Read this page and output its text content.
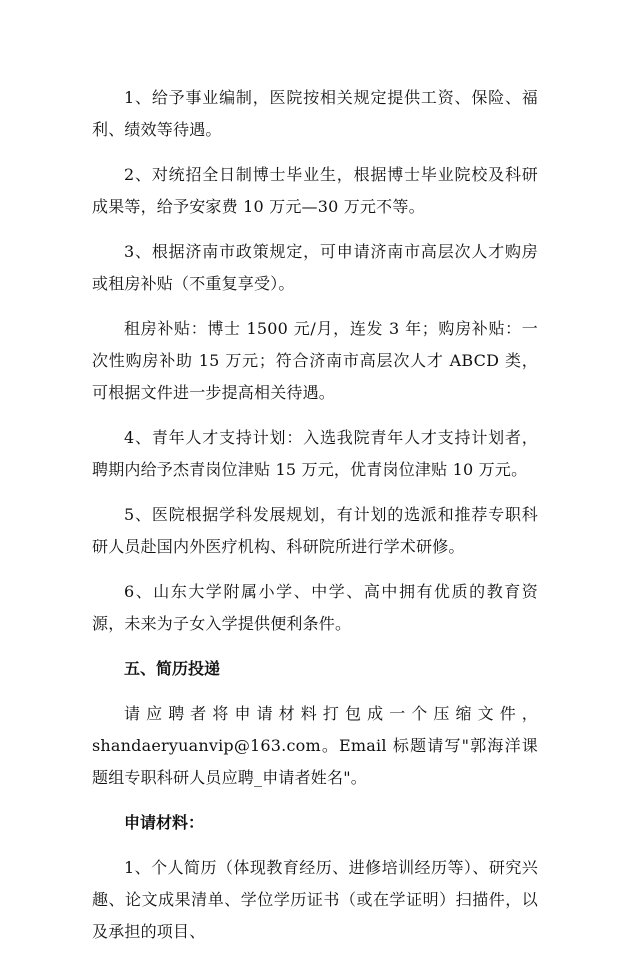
1、给予事业编制，医院按相关规定提供工资、保险、福利、绩效等待遇。

2、对统招全日制博士毕业生，根据博士毕业院校及科研成果等，给予安家费 10 万元—30 万元不等。

3、根据济南市政策规定，可申请济南市高层次人才购房或租房补贴（不重复享受）。

租房补贴：博士 1500 元/月，连发 3 年；购房补贴：一次性购房补助 15 万元；符合济南市高层次人才 ABCD 类，可根据文件进一步提高相关待遇。

4、青年人才支持计划：入选我院青年人才支持计划者，聘期内给予杰青岗位津贴 15 万元，优青岗位津贴 10 万元。

5、医院根据学科发展规划，有计划的选派和推荐专职科研人员赴国内外医疗机构、科研院所进行学术研修。

6、山东大学附属小学、中学、高中拥有优质的教育资源，未来为子女入学提供便利条件。

五、简历投递

请应聘者将申请材料打包成一个压缩文件，
shandaeryuanvip@163.com。Email 标题请写"郭海洋课题组专职科研人员应聘_申请者姓名"。

申请材料：

1、个人简历（体现教育经历、进修培训经历等）、研究兴趣、论文成果清单、学位学历证书（或在学证明）扫描件，以及承担的项目、
